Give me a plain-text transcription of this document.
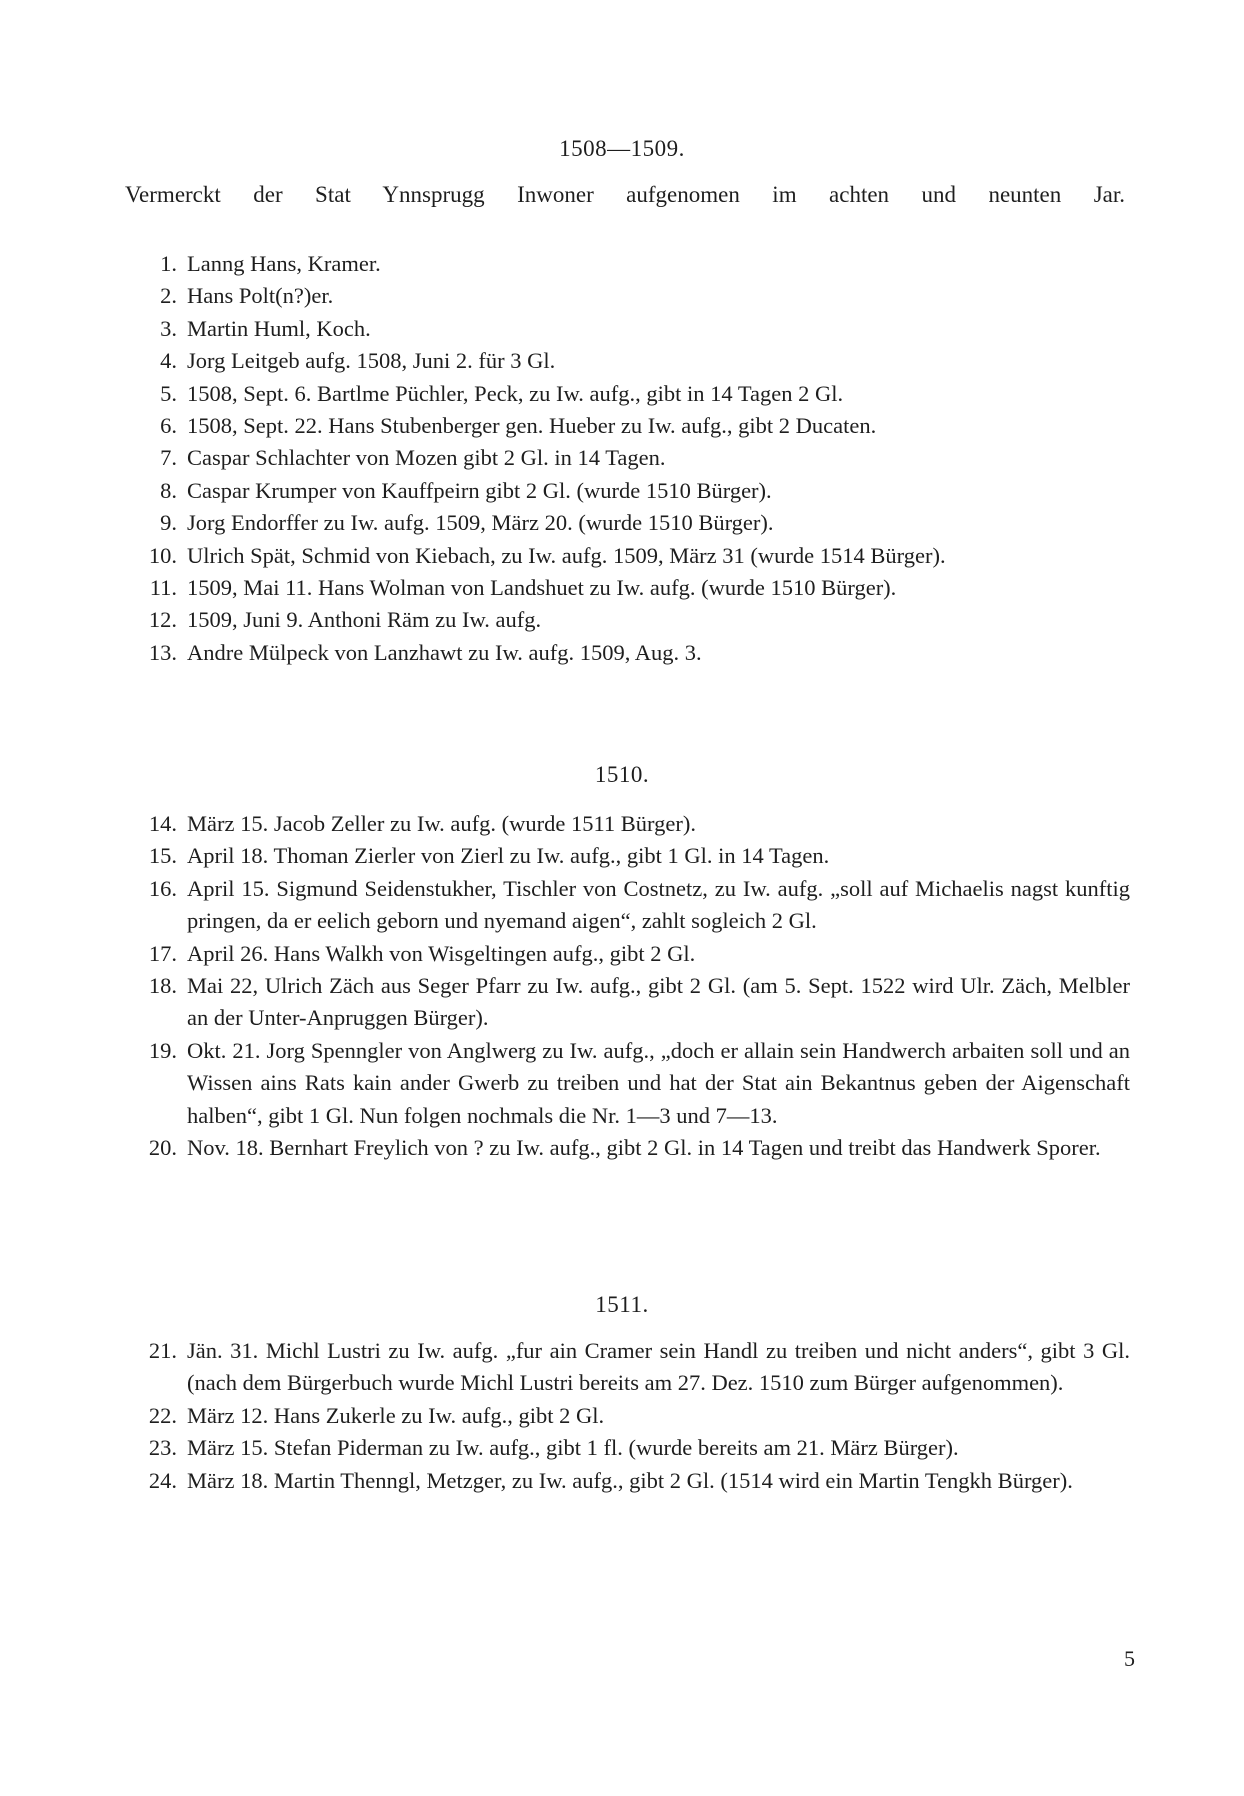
1508—1509.
Vermerckt der Stat Ynnsprugg Inwoner aufgenomen im achten und neunten Jar.
1. Lanng Hans, Kramer.
2. Hans Polt(n?)er.
3. Martin Huml, Koch.
4. Jorg Leitgeb aufg. 1508, Juni 2. für 3 Gl.
5. 1508, Sept. 6. Bartlme Püchler, Peck, zu Iw. aufg., gibt in 14 Tagen 2 Gl.
6. 1508, Sept. 22. Hans Stubenberger gen. Hueber zu Iw. aufg., gibt 2 Ducaten.
7. Caspar Schlachter von Mozen gibt 2 Gl. in 14 Tagen.
8. Caspar Krumper von Kauffpeirn gibt 2 Gl. (wurde 1510 Bürger).
9. Jorg Endorffer zu Iw. aufg. 1509, März 20. (wurde 1510 Bürger).
10. Ulrich Spät, Schmid von Kiebach, zu Iw. aufg. 1509, März 31 (wurde 1514 Bürger).
11. 1509, Mai 11. Hans Wolman von Landshuet zu Iw. aufg. (wurde 1510 Bürger).
12. 1509, Juni 9. Anthoni Räm zu Iw. aufg.
13. Andre Mülpeck von Lanzhawt zu Iw. aufg. 1509, Aug. 3.
1510.
14. März 15. Jacob Zeller zu Iw. aufg. (wurde 1511 Bürger).
15. April 18. Thoman Zierler von Zierl zu Iw. aufg., gibt 1 Gl. in 14 Tagen.
16. April 15. Sigmund Seidenstukher, Tischler von Costnetz, zu Iw. aufg. „soll auf Michaelis nagst kunftig pringen, da er eelich geborn und nyemand aigen“, zahlt sogleich 2 Gl.
17. April 26. Hans Walkh von Wisgeltingen aufg., gibt 2 Gl.
18. Mai 22, Ulrich Zäch aus Seger Pfarr zu Iw. aufg., gibt 2 Gl. (am 5. Sept. 1522 wird Ulr. Zäch, Melbler an der Unter-Anpruggen Bürger).
19. Okt. 21. Jorg Spenngler von Anglwerg zu Iw. aufg., „doch er allain sein Handwerch arbaiten soll und an Wissen ains Rats kain ander Gwerb zu treiben und hat der Stat ain Bekantnus geben der Aigenschaft halben“, gibt 1 Gl. Nun folgen nochmals die Nr. 1—3 und 7—13.
20. Nov. 18. Bernhart Freylich von ? zu Iw. aufg., gibt 2 Gl. in 14 Tagen und treibt das Handwerk Sporer.
1511.
21. Jän. 31. Michl Lustri zu Iw. aufg. „fur ain Cramer sein Handl zu treiben und nicht anders“, gibt 3 Gl. (nach dem Bürgerbuch wurde Michl Lustri bereits am 27. Dez. 1510 zum Bürger aufgenommen).
22. März 12. Hans Zukerle zu Iw. aufg., gibt 2 Gl.
23. März 15. Stefan Piderman zu Iw. aufg., gibt 1 fl. (wurde bereits am 21. März Bürger).
24. März 18. Martin Thenngl, Metzger, zu Iw. aufg., gibt 2 Gl. (1514 wird ein Martin Tengkh Bürger).
5
